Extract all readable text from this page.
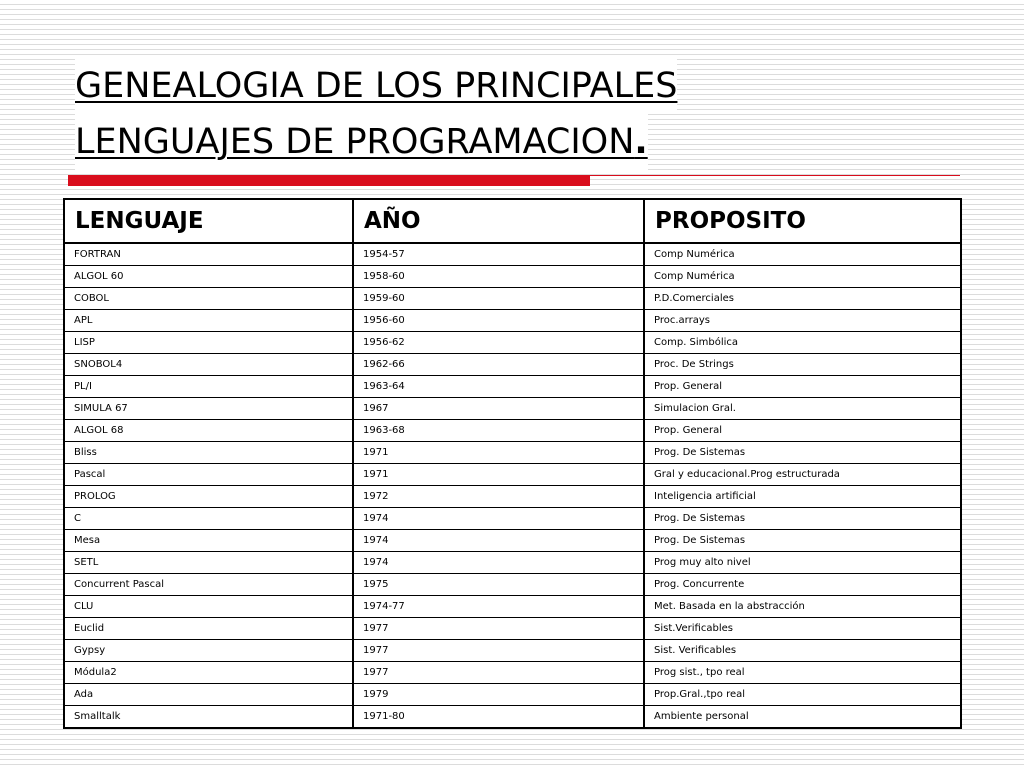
GENEALOGIA DE LOS PRINCIPALES
LENGUAJES DE PROGRAMACION.
LENGUAJE	AÑO	PROPOSITO
FORTRAN	1954-57	Comp Numérica
ALGOL 60	1958-60	Comp Numérica
COBOL	1959-60	P.D.Comerciales
APL	1956-60	Proc.arrays
LISP	1956-62	Comp. Simbólica
SNOBOL4	1962-66	Proc. De Strings
PL/I	1963-64	Prop. General
SIMULA 67	1967	Simulacion Gral.
ALGOL 68	1963-68	Prop. General
Bliss	1971	Prog. De Sistemas
Pascal	1971	Gral y educacional.Prog estructurada
PROLOG	1972	Inteligencia artificial
C	1974	Prog. De Sistemas
Mesa	1974	Prog. De Sistemas
SETL	1974	Prog muy alto nivel
Concurrent Pascal	1975	Prog. Concurrente
CLU	1974-77	Met. Basada en la abstracción
Euclid	1977	Sist.Verificables
Gypsy	1977	Sist. Verificables
Módula2	1977	Prog sist., tpo real
Ada	1979	Prop.Gral.,tpo real
Smalltalk	1971-80	Ambiente personal
